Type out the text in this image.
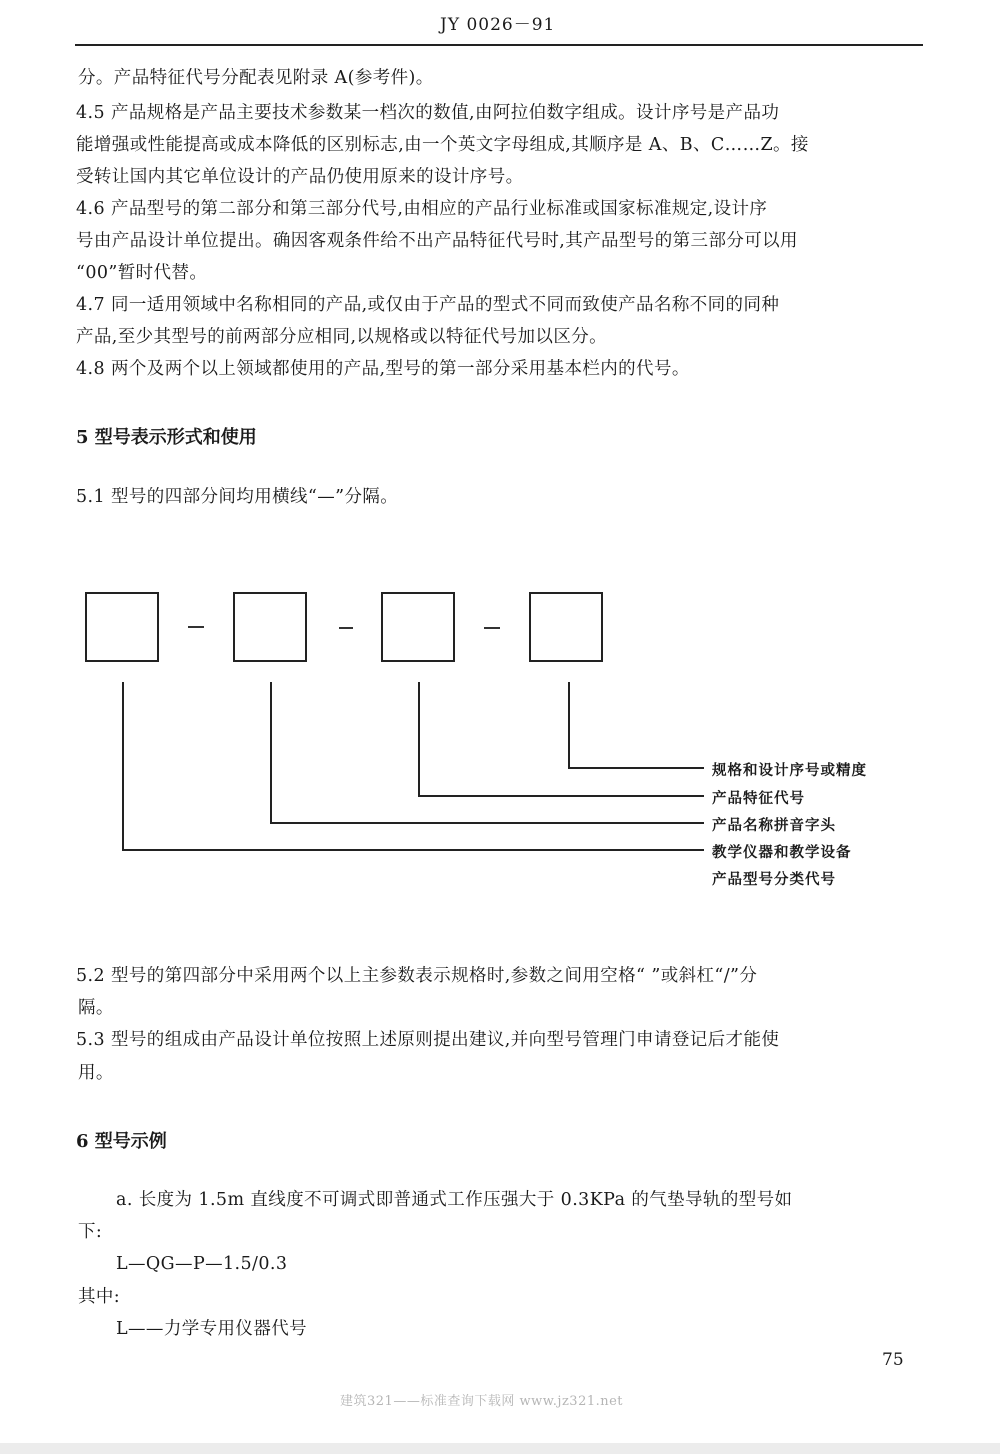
JY 0026－91
分。产品特征代号分配表见附录 A(参考件)。
4.5 产品规格是产品主要技术参数某一档次的数值,由阿拉伯数字组成。设计序号是产品功
能增强或性能提高或成本降低的区别标志,由一个英文字母组成,其顺序是 A、B、C……Z。接
受转让国内其它单位设计的产品仍使用原来的设计序号。
4.6 产品型号的第二部分和第三部分代号,由相应的产品行业标准或国家标准规定,设计序
号由产品设计单位提出。确因客观条件给不出产品特征代号时,其产品型号的第三部分可以用
“00”暂时代替。
4.7 同一适用领域中名称相同的产品,或仅由于产品的型式不同而致使产品名称不同的同种
产品,至少其型号的前两部分应相同,以规格或以特征代号加以区分。
4.8 两个及两个以上领域都使用的产品,型号的第一部分采用基本栏内的代号。
5 型号表示形式和使用
5.1 型号的四部分间均用横线“—”分隔。
规格和设计序号或精度
产品特征代号
产品名称拼音字头
教学仪器和教学设备
产品型号分类代号
5.2 型号的第四部分中采用两个以上主参数表示规格时,参数之间用空格“ ”或斜杠“/”分
隔。
5.3 型号的组成由产品设计单位按照上述原则提出建议,并向型号管理门申请登记后才能使
用。
6 型号示例
a. 长度为 1.5m 直线度不可调式即普通式工作压强大于 0.3KPa 的气垫导轨的型号如
下:
L—QG—P—1.5/0.3
其中:
L——力学专用仪器代号
75
建筑321——标准查询下载网 www.jz321.net
